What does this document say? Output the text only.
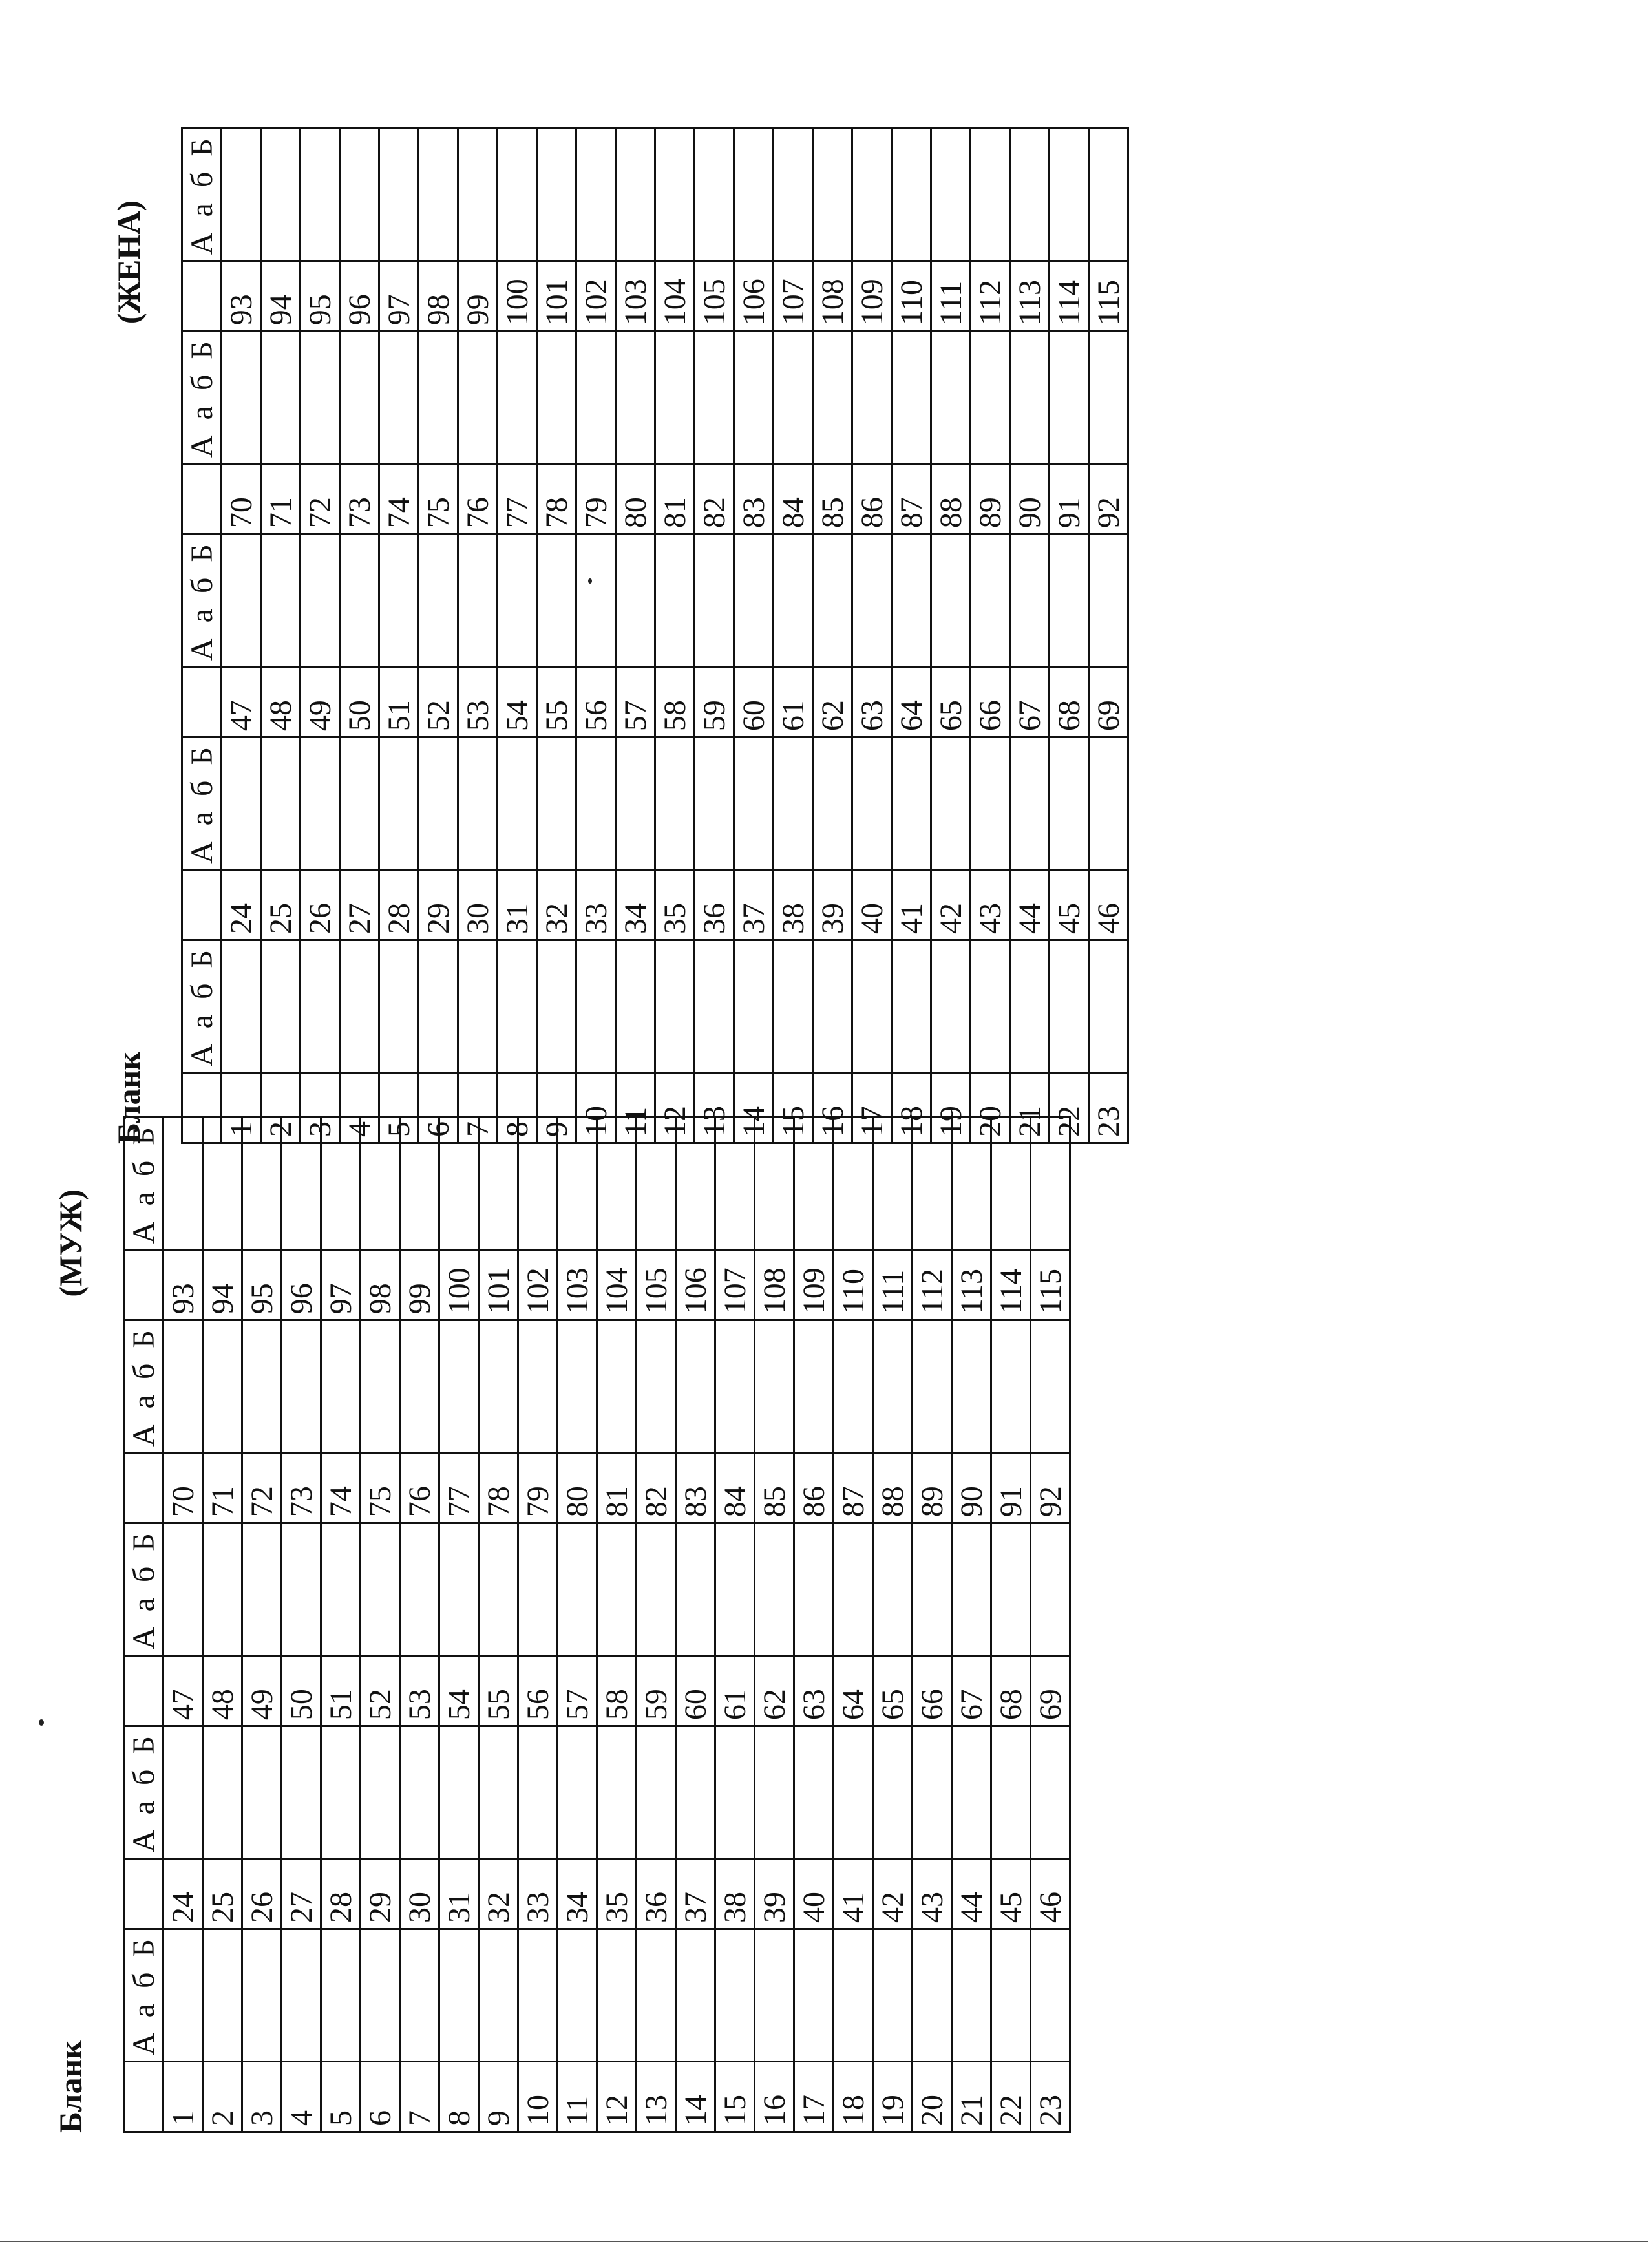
Бланк
(МУЖ)
	А а б Б		А а б Б		А а б Б		А а б Б		А а б Б
1		24		47		70		93	
2		25		48		71		94	
3		26		49		72		95	
4		27		50		73		96	
5		28		51		74		97	
6		29		52		75		98	
7		30		53		76		99	
8		31		54		77		100	
9		32		55		78		101	
10		33		56		79		102	
11		34		57		80		103	
12		35		58		81		104	
13		36		59		82		105	
14		37		60		83		106	
15		38		61		84		107	
16		39		62		85		108	
17		40		63		86		109	
18		41		64		87		110	
19		42		65		88		111	
20		43		66		89		112	
21		44		67		90		113	
22		45		68		91		114	
23		46		69		92		115	
Бланк
(ЖЕНА)
	А а б Б		А а б Б		А а б Б		А а б Б		А а б Б
1		24		47		70		93	
2		25		48		71		94	
3		26		49		72		95	
4		27		50		73		96	
5		28		51		74		97	
6		29		52		75		98	
7		30		53		76		99	
8		31		54		77		100	
9		32		55		78		101	
10		33		56		79		102	
11		34		57		80		103	
12		35		58		81		104	
13		36		59		82		105	
14		37		60		83		106	
15		38		61		84		107	
16		39		62		85		108	
17		40		63		86		109	
18		41		64		87		110	
19		42		65		88		111	
20		43		66		89		112	
21		44		67		90		113	
22		45		68		91		114	
23		46		69		92		115	
